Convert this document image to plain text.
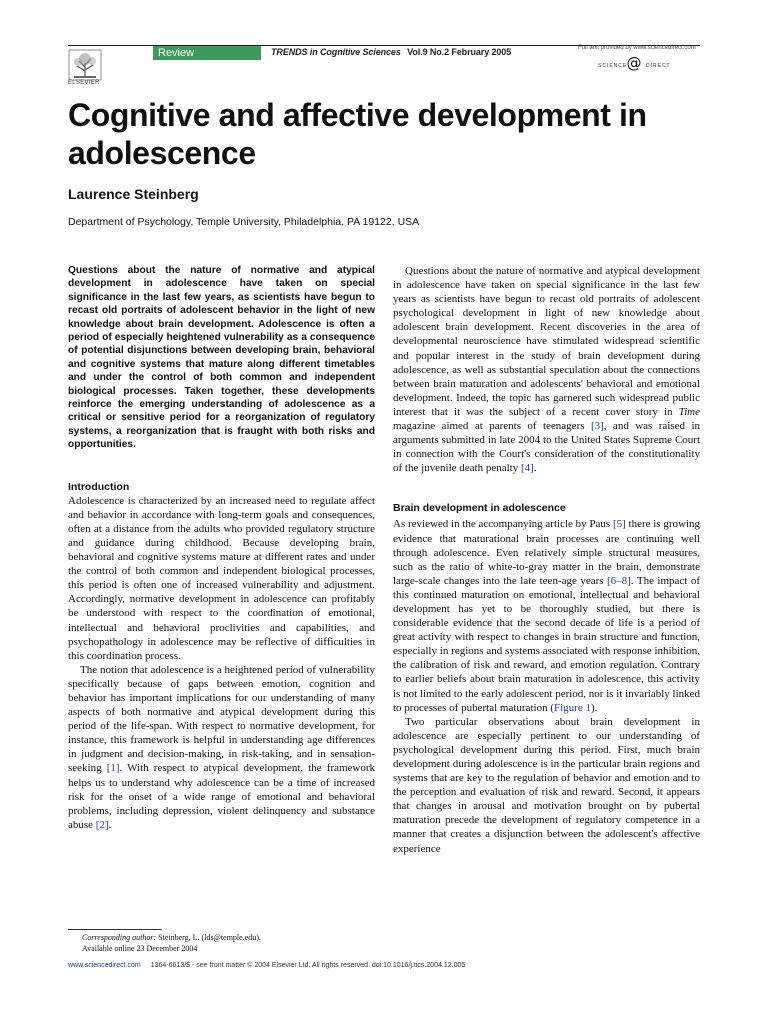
ELSEVIER
Review	TRENDS in Cognitive Sciences Vol.9 No.2 February 2005	Full text provided by www.sciencedirect.com
SCIENCE @ DIRECT
Cognitive and affective development in adolescence
Laurence Steinberg
Department of Psychology, Temple University, Philadelphia, PA 19122, USA

Questions about the nature of normative and atypical development in adolescence have taken on special significance in the last few years, as scientists have begun to recast old portraits of adolescent behavior in the light of new knowledge about brain development. Adolescence is often a period of especially heightened vulnerability as a consequence of potential disjunctions between developing brain, behavioral and cognitive systems that mature along different timetables and under the control of both common and independent biological processes. Taken together, these developments reinforce the emerging understanding of adolescence as a critical or sensitive period for a reorganization of regulatory systems, a reorganization that is fraught with both risks and opportunities.

Introduction

Adolescence is characterized by an increased need to regulate affect and behavior in accordance with long-term goals and consequences, often at a distance from the adults who provided regulatory structure and guidance during childhood. Because developing brain, behavioral and cognitive systems mature at different rates and under the control of both common and independent biological processes, this period is often one of increased vulnerability and adjustment. Accordingly, normative development in adolescence can profitably be understood with respect to the coordination of emotional, intellectual and behavioral proclivities and capabilities, and psychopathology in adolescence may be reflective of difficulties in this coordination process.

The notion that adolescence is a heightened period of vulnerability specifically because of gaps between emotion, cognition and behavior has important implications for our understanding of many aspects of both normative and atypical development during this period of the life-span. With respect to normative development, for instance, this framework is helpful in understanding age differences in judgment and decision-making, in risk-taking, and in sensation-seeking [1]. With respect to atypical development, the framework helps us to understand why adolescence can be a time of increased risk for the onset of a wide range of emotional and behavioral problems, including depression, violent delinquency and substance abuse [2].

Corresponding author: Steinberg, L. (lds@temple.edu).
Available online 23 December 2004

Questions about the nature of normative and atypical development in adolescence have taken on special significance in the last few years as scientists have begun to recast old portraits of adolescent psychological development in light of new knowledge about adolescent brain development. Recent discoveries in the area of developmental neuroscience have stimulated widespread scientific and popular interest in the study of brain development during adolescence, as well as substantial speculation about the connections between brain maturation and adolescents' behavioral and emotional development. Indeed, the topic has garnered such widespread public interest that it was the subject of a recent cover story in Time magazine aimed at parents of teenagers [3], and was raised in arguments submitted in late 2004 to the United States Supreme Court in connection with the Court's consideration of the constitutionality of the juvenile death penalty [4].

Brain development in adolescence

As reviewed in the accompanying article by Paus [5] there is growing evidence that maturational brain processes are continuing well through adolescence. Even relatively simple structural measures, such as the ratio of white-to-gray matter in the brain, demonstrate large-scale changes into the late teen-age years [6–8]. The impact of this continued maturation on emotional, intellectual and behavioral development has yet to be thoroughly studied, but there is considerable evidence that the second decade of life is a period of great activity with respect to changes in brain structure and function, especially in regions and systems associated with response inhibition, the calibration of risk and reward, and emotion regulation. Contrary to earlier beliefs about brain maturation in adolescence, this activity is not limited to the early adolescent period, nor is it invariably linked to processes of pubertal maturation (Figure 1).

Two particular observations about brain development in adolescence are especially pertinent to our understanding of psychological development during this period. First, much brain development during adolescence is in the particular brain regions and systems that are key to the regulation of behavior and emotion and to the perception and evaluation of risk and reward. Second, it appears that changes in arousal and motivation brought on by pubertal maturation precede the development of regulatory competence in a manner that creates a disjunction between the adolescent's affective experience

www.sciencedirect.com 1364-6613/$ - see front matter © 2004 Elsevier Ltd. All rights reserved. doi:10.1016/j.tics.2004.12.005
